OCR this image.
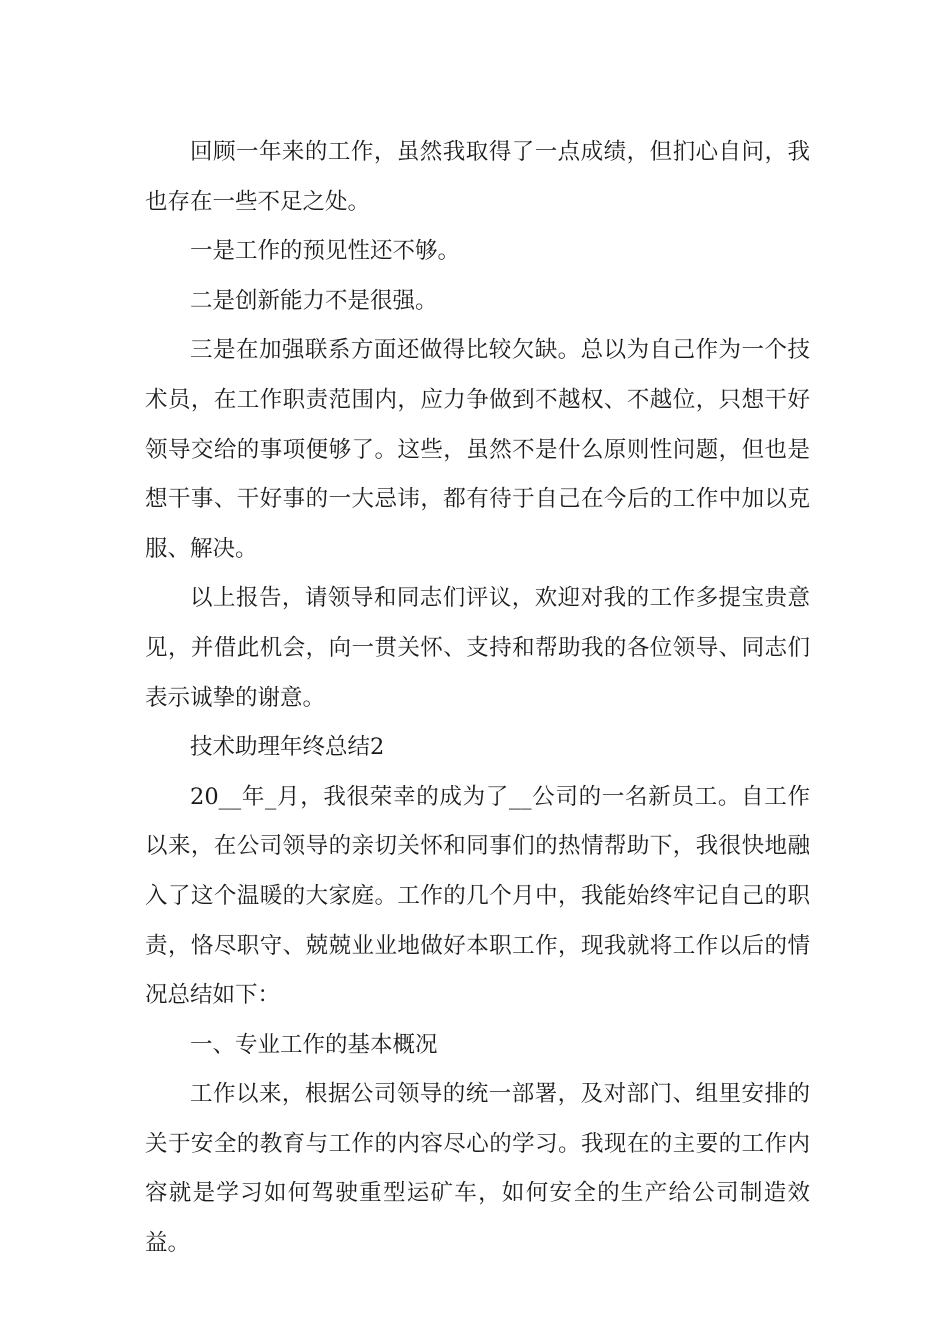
回顾一年来的工作，虽然我取得了一点成绩，但扪心自问，我也存在一些不足之处。

一是工作的预见性还不够。

二是创新能力不是很强。

三是在加强联系方面还做得比较欠缺。总以为自己作为一个技术员，在工作职责范围内，应力争做到不越权、不越位，只想干好领导交给的事项便够了。这些，虽然不是什么原则性问题，但也是想干事、干好事的一大忌讳，都有待于自己在今后的工作中加以克服、解决。

以上报告，请领导和同志们评议，欢迎对我的工作多提宝贵意见，并借此机会，向一贯关怀、支持和帮助我的各位领导、同志们表示诚挚的谢意。

技术助理年终总结2

20__年_月，我很荣幸的成为了__公司的一名新员工。自工作以来，在公司领导的亲切关怀和同事们的热情帮助下，我很快地融入了这个温暖的大家庭。工作的几个月中，我能始终牢记自己的职责，恪尽职守、兢兢业业地做好本职工作，现我就将工作以后的情况总结如下：

一、专业工作的基本概况

工作以来，根据公司领导的统一部署，及对部门、组里安排的关于安全的教育与工作的内容尽心的学习。我现在的主要的工作内容就是学习如何驾驶重型运矿车，如何安全的生产给公司制造效益。
